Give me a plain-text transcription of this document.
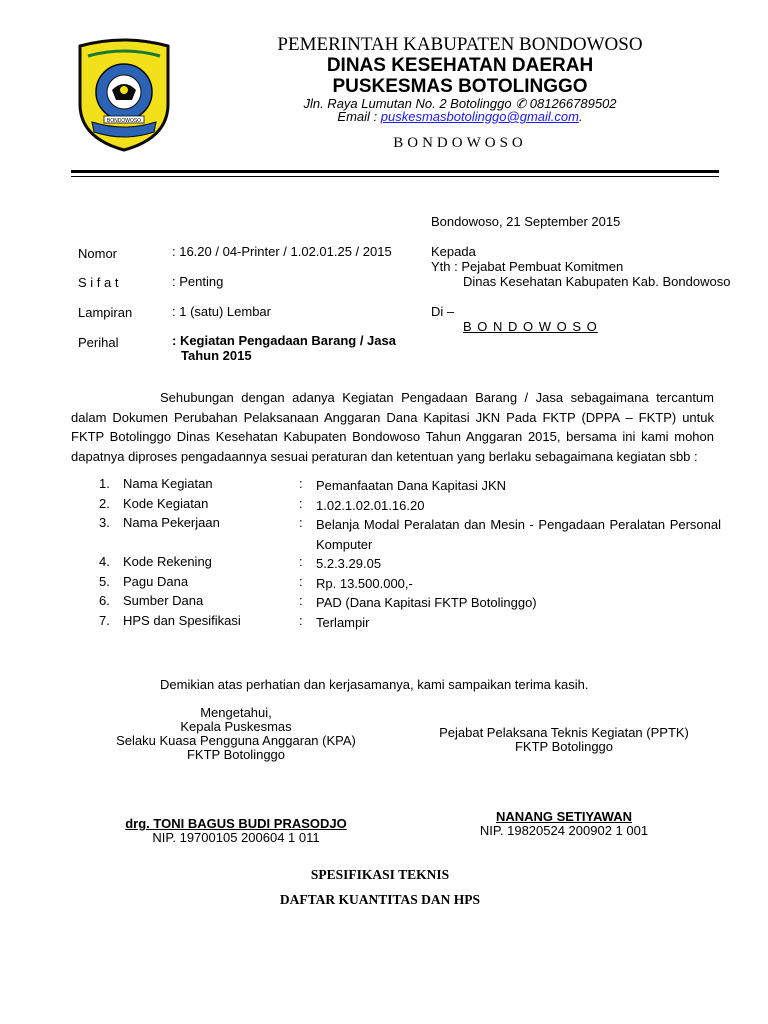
BONDOWOSO
PEMERINTAH KABUPATEN BONDOWOSO
DINAS KESEHATAN DAERAH
PUSKESMAS BOTOLINGGO
Jln. Raya Lumutan No. 2 Botolinggo ✆ 081266789502
Email : puskesmasbotolinggo@gmail.com.
BONDOWOSO
Bondowoso, 21 September 2015
Nomor	: 16.20 / 04-Printer / 1.02.01.25 / 2015
S i f a t	: Penting
Lampiran	: 1 (satu) Lembar
Perihal	: Kegiatan Pengadaan Barang / Jasa
Tahun 2015
Kepada
Yth : Pejabat Pembuat Komitmen
Dinas Kesehatan Kabupaten Kab. Bondowoso
Di –
B O N D O W O S O
Sehubungan dengan adanya Kegiatan Pengadaan Barang / Jasa sebagaimana tercantum dalam Dokumen Perubahan Pelaksanaan Anggaran Dana Kapitasi JKN Pada FKTP (DPPA – FKTP) untuk FKTP Botolinggo Dinas Kesehatan Kabupaten Bondowoso Tahun Anggaran 2015, bersama ini kami mohon dapatnya diproses pengadaannya sesuai peraturan dan ketentuan yang berlaku sebagaimana kegiatan sbb :
1.	Nama Kegiatan	:	Pemanfaatan Dana Kapitasi JKN
2.	Kode Kegiatan	:	1.02.1.02.01.16.20
3.	Nama Pekerjaan	:	Belanja Modal Peralatan dan Mesin - Pengadaan Peralatan Personal Komputer
4.	Kode Rekening	:	5.2.3.29.05
5.	Pagu Dana	:	Rp. 13.500.000,-
6.	Sumber Dana	:	PAD (Dana Kapitasi FKTP Botolinggo)
7.	HPS dan Spesifikasi	:	Terlampir
Demikian atas perhatian dan kerjasamanya, kami sampaikan terima kasih.
Mengetahui,
Kepala Puskesmas
Selaku Kuasa Pengguna Anggaran (KPA)
FKTP Botolinggo
Pejabat Pelaksana Teknis Kegiatan (PPTK)
FKTP Botolinggo
drg. TONI BAGUS BUDI PRASODJO
NIP. 19700105 200604 1 011
NANANG SETIYAWAN
NIP. 19820524 200902 1 001
SPESIFIKASI TEKNIS
DAFTAR KUANTITAS DAN HPS
